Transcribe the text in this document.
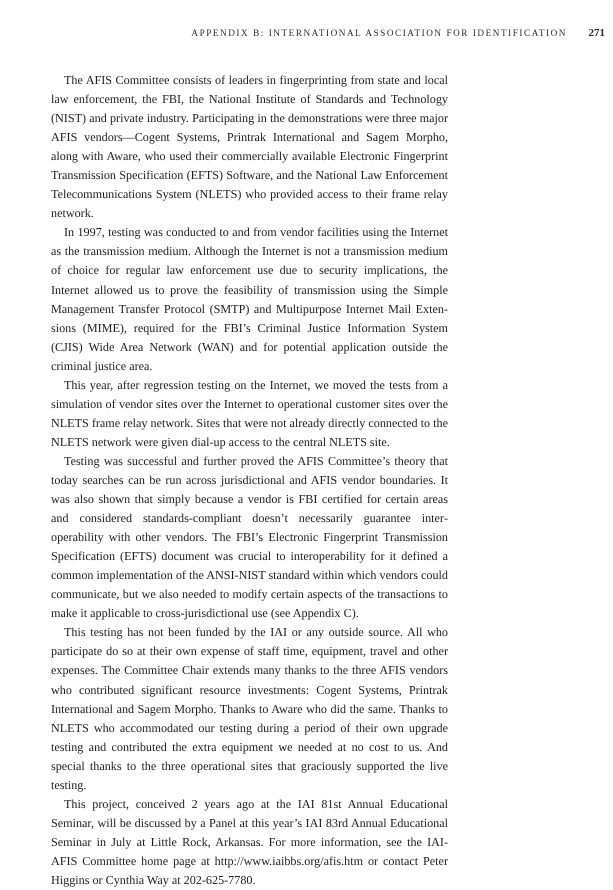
APPENDIX B: INTERNATIONAL ASSOCIATION FOR IDENTIFICATION 271

The AFIS Committee consists of leaders in fingerprinting from state and local law enforcement, the FBI, the National Institute of Standards and Technology (NIST) and private industry. Participating in the demonstrations were three major AFIS vendors—Cogent Systems, Printrak International and Sagem Morpho, along with Aware, who used their commercially available Electronic Fingerprint Transmission Specification (EFTS) Software, and the National Law Enforcement Telecommunications System (NLETS) who provided access to their frame relay network.

In 1997, testing was conducted to and from vendor facilities using the Internet as the transmission medium. Although the Internet is not a transmission medium of choice for regular law enforcement use due to security implications, the Internet allowed us to prove the feasibility of transmission using the Simple Management Transfer Protocol (SMTP) and Multipurpose Internet Mail Extensions (MIME), required for the FBI’s Criminal Justice Information System (CJIS) Wide Area Network (WAN) and for potential application outside the criminal justice area.

This year, after regression testing on the Internet, we moved the tests from a simulation of vendor sites over the Internet to operational customer sites over the NLETS frame relay network. Sites that were not already directly connected to the NLETS network were given dial-up access to the central NLETS site.

Testing was successful and further proved the AFIS Committee’s theory that today searches can be run across jurisdictional and AFIS vendor boundaries. It was also shown that simply because a vendor is FBI certified for certain areas and considered standards-compliant doesn’t necessarily guarantee interoperability with other vendors. The FBI’s Electronic Fingerprint Transmission Specification (EFTS) document was crucial to interoperability for it defined a common implementation of the ANSI-NIST standard within which vendors could communicate, but we also needed to modify certain aspects of the transactions to make it applicable to cross-jurisdictional use (see Appendix C).

This testing has not been funded by the IAI or any outside source. All who participate do so at their own expense of staff time, equipment, travel and other expenses. The Committee Chair extends many thanks to the three AFIS vendors who contributed significant resource investments: Cogent Systems, Printrak International and Sagem Morpho. Thanks to Aware who did the same. Thanks to NLETS who accommodated our testing during a period of their own upgrade testing and contributed the extra equipment we needed at no cost to us. And special thanks to the three operational sites that graciously supported the live testing.

This project, conceived 2 years ago at the IAI 81st Annual Educational Seminar, will be discussed by a Panel at this year’s IAI 83rd Annual Educational Seminar in July at Little Rock, Arkansas. For more information, see the IAI-AFIS Committee home page at http://www.iaibbs.org/afis.htm or contact Peter Higgins or Cynthia Way at 202-625-7780.
